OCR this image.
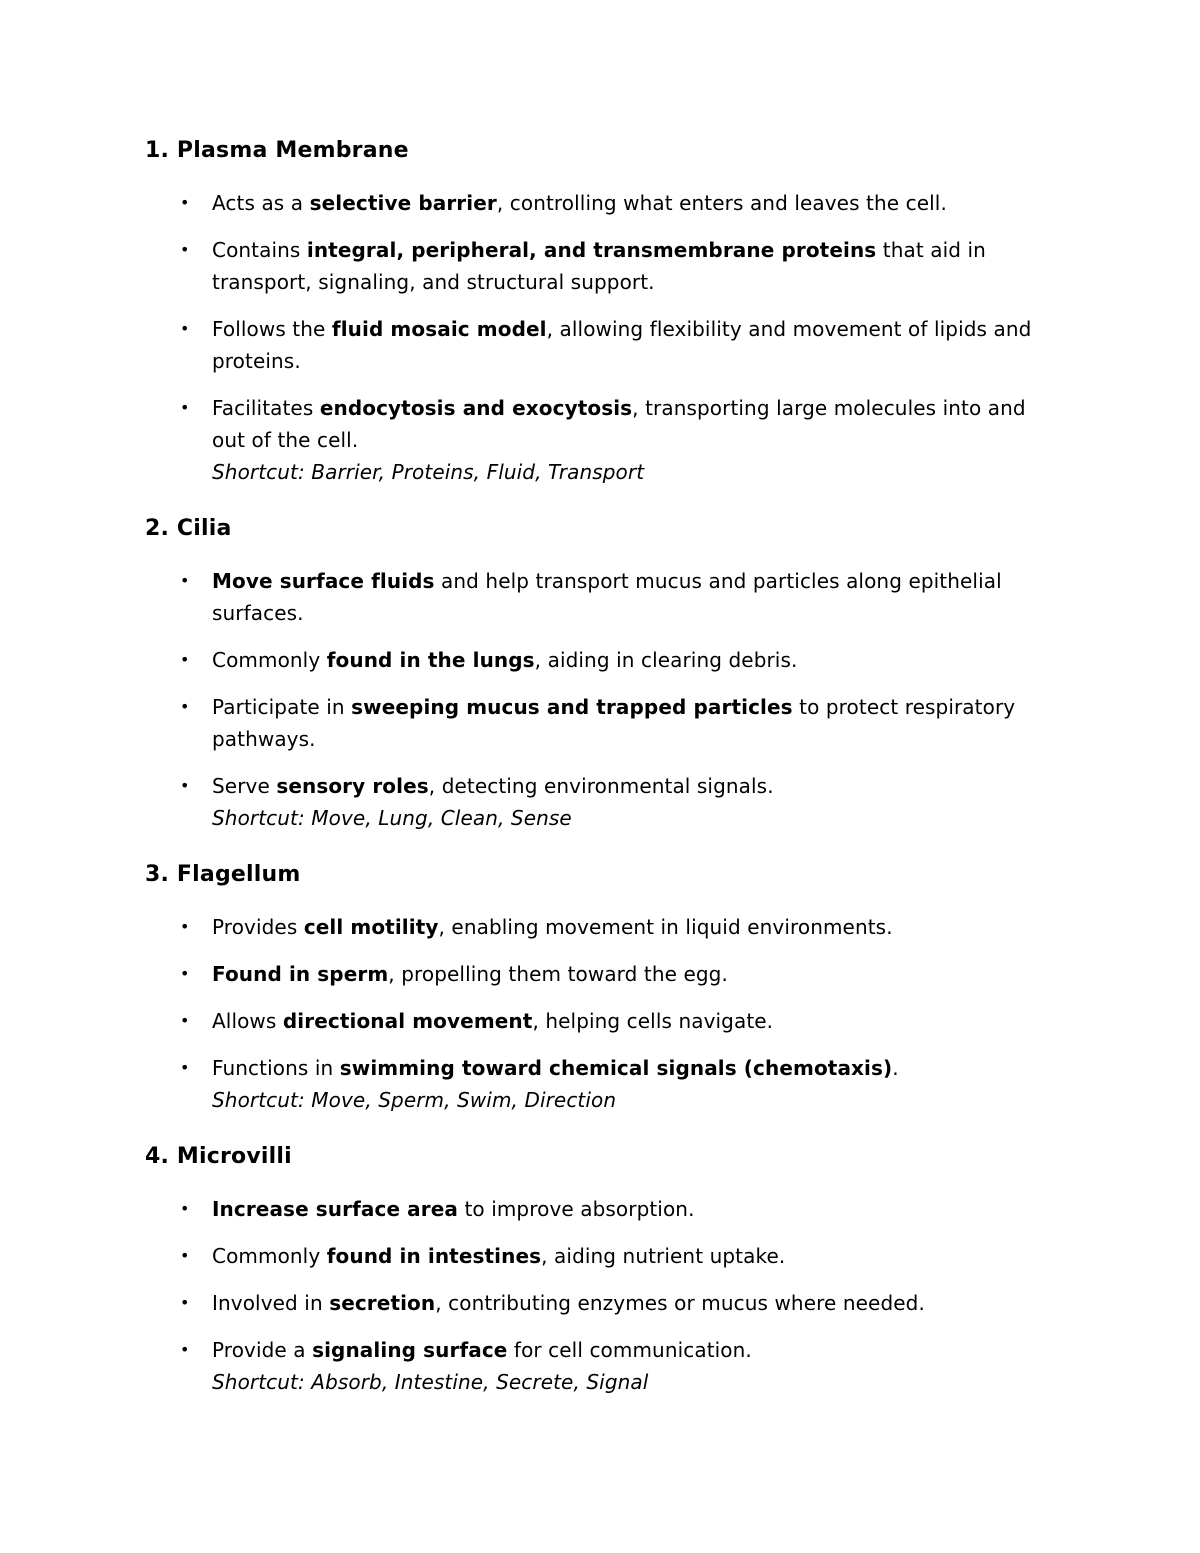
1. Plasma Membrane
•	Acts as a selective barrier, controlling what enters and leaves the cell.
•	Contains integral, peripheral, and transmembrane proteins that aid in transport, signaling, and structural support.
•	Follows the fluid mosaic model, allowing flexibility and movement of lipids and proteins.
•	Facilitates endocytosis and exocytosis, transporting large molecules into and out of the cell.
Shortcut: Barrier, Proteins, Fluid, Transport
2. Cilia
•	Move surface fluids and help transport mucus and particles along epithelial surfaces.
•	Commonly found in the lungs, aiding in clearing debris.
•	Participate in sweeping mucus and trapped particles to protect respiratory pathways.
•	Serve sensory roles, detecting environmental signals.
Shortcut: Move, Lung, Clean, Sense
3. Flagellum
•	Provides cell motility, enabling movement in liquid environments.
•	Found in sperm, propelling them toward the egg.
•	Allows directional movement, helping cells navigate.
•	Functions in swimming toward chemical signals (chemotaxis).
Shortcut: Move, Sperm, Swim, Direction
4. Microvilli
•	Increase surface area to improve absorption.
•	Commonly found in intestines, aiding nutrient uptake.
•	Involved in secretion, contributing enzymes or mucus where needed.
•	Provide a signaling surface for cell communication.
Shortcut: Absorb, Intestine, Secrete, Signal
